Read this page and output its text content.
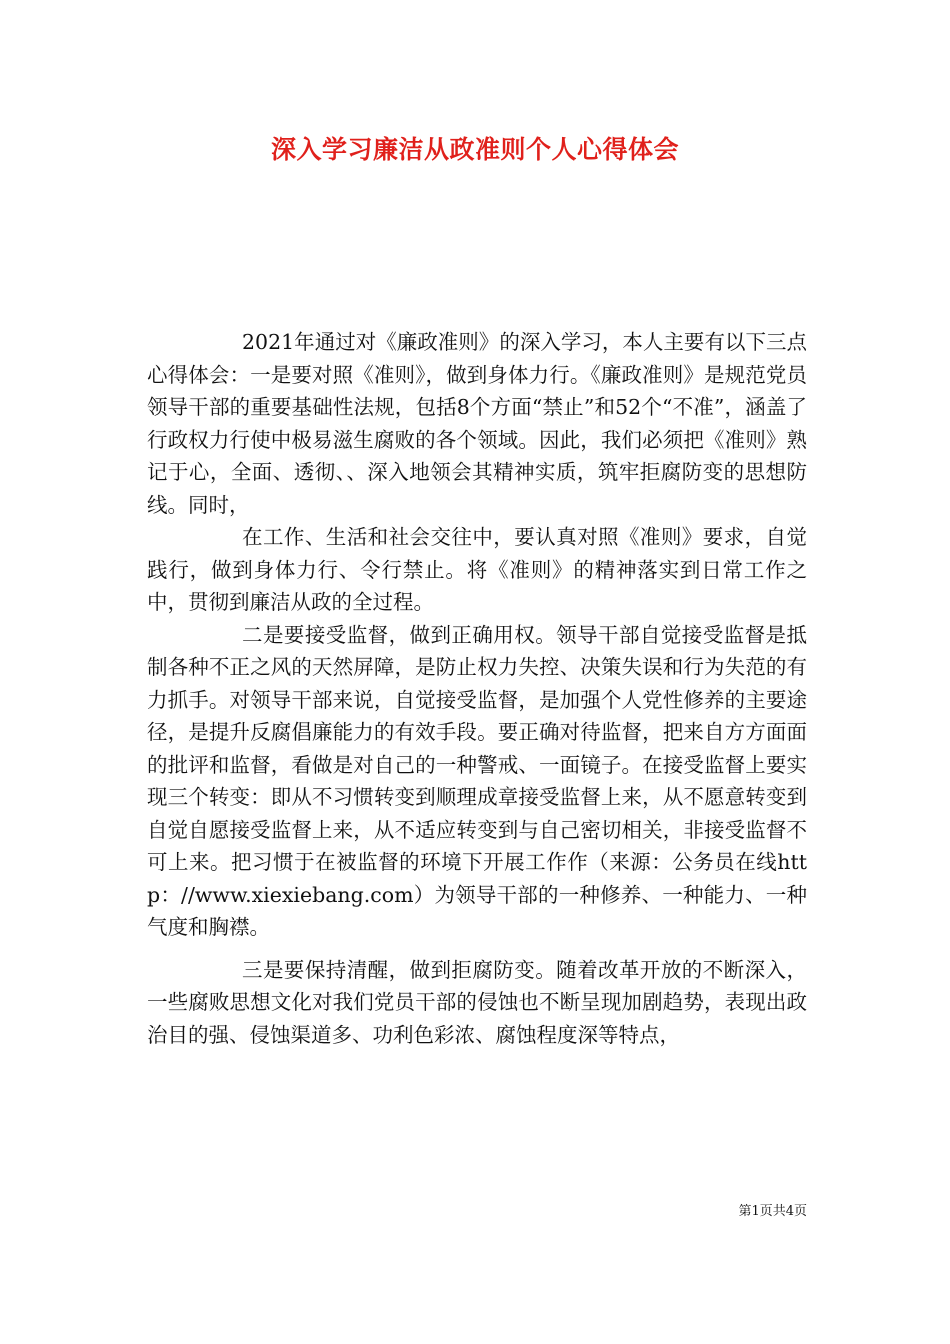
深入学习廉洁从政准则个人心得体会

2021年通过对《廉政准则》的深入学习，本人主要有以下三点心得体会：一是要对照《准则》，做到身体力行。《廉政准则》是规范党员领导干部的重要基础性法规，包括8个方面“禁止”和52个“不准”，涵盖了行政权力行使中极易滋生腐败的各个领域。因此，我们必须把《准则》熟记于心，全面、透彻、、深入地领会其精神实质，筑牢拒腐防变的思想防线。同时，

在工作、生活和社会交往中，要认真对照《准则》要求，自觉践行，做到身体力行、令行禁止。将《准则》的精神落实到日常工作之中，贯彻到廉洁从政的全过程。

二是要接受监督，做到正确用权。领导干部自觉接受监督是抵制各种不正之风的天然屏障，是防止权力失控、决策失误和行为失范的有力抓手。对领导干部来说，自觉接受监督，是加强个人党性修养的主要途径，是提升反腐倡廉能力的有效手段。要正确对待监督，把来自方方面面的批评和监督，看做是对自己的一种警戒、一面镜子。在接受监督上要实现三个转变：即从不习惯转变到顺理成章接受监督上来，从不愿意转变到自觉自愿接受监督上来，从不适应转变到与自己密切相关，非接受监督不可上来。把习惯于在被监督的环境下开展工作作（来源：公务员在线http：//www.xiexiebang.com）为领导干部的一种修养、一种能力、一种气度和胸襟。

三是要保持清醒，做到拒腐防变。随着改革开放的不断深入，一些腐败思想文化对我们党员干部的侵蚀也不断呈现加剧趋势，表现出政治目的强、侵蚀渠道多、功利色彩浓、腐蚀程度深等特点，

第1页共4页
